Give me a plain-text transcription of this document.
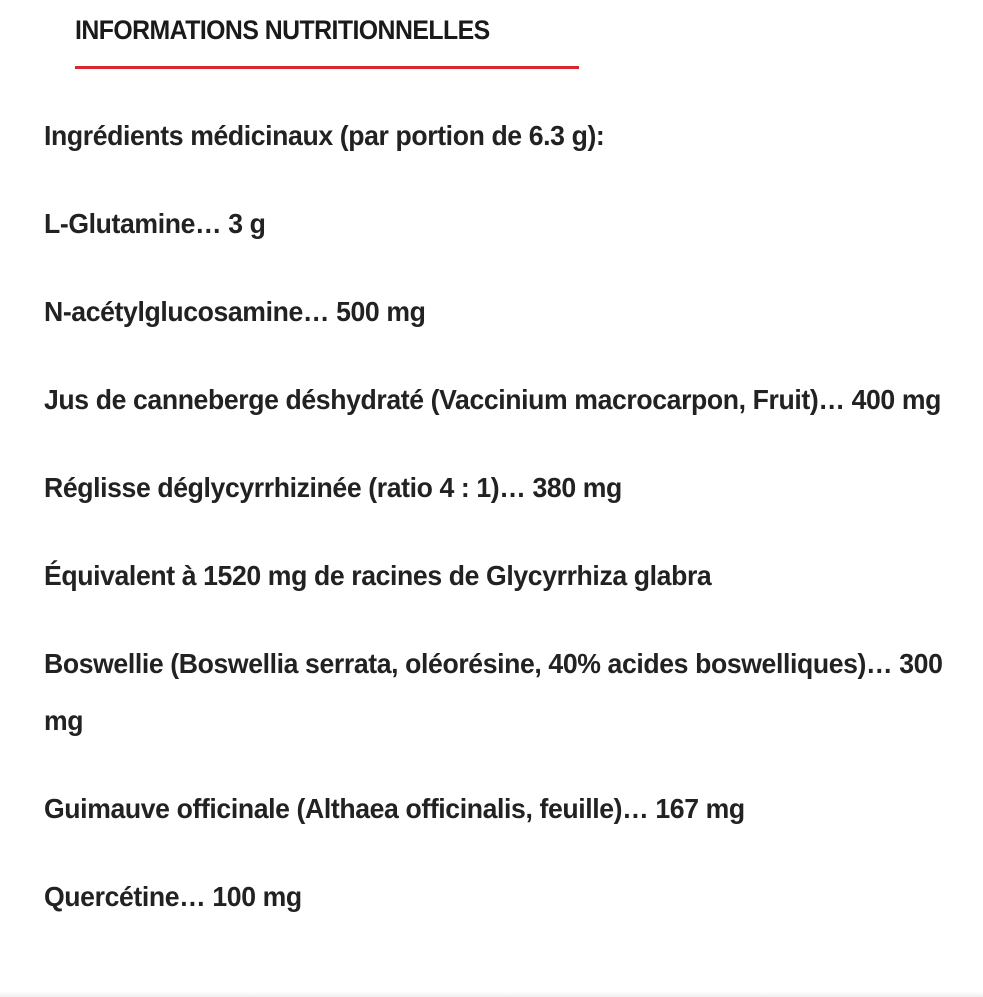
INFORMATIONS NUTRITIONNELLES

Ingrédients médicinaux (par portion de 6.3 g):

L-Glutamine… 3 g

N-acétylglucosamine… 500 mg

Jus de canneberge déshydraté (Vaccinium macrocarpon, Fruit)… 400 mg

Réglisse déglycyrrhizinée (ratio 4 : 1)… 380 mg

Équivalent à 1520 mg de racines de Glycyrrhiza glabra

Boswellie (Boswellia serrata, oléorésine, 40% acides boswelliques)… 300 mg

Guimauve officinale (Althaea officinalis, feuille)… 167 mg

Quercétine… 100 mg
